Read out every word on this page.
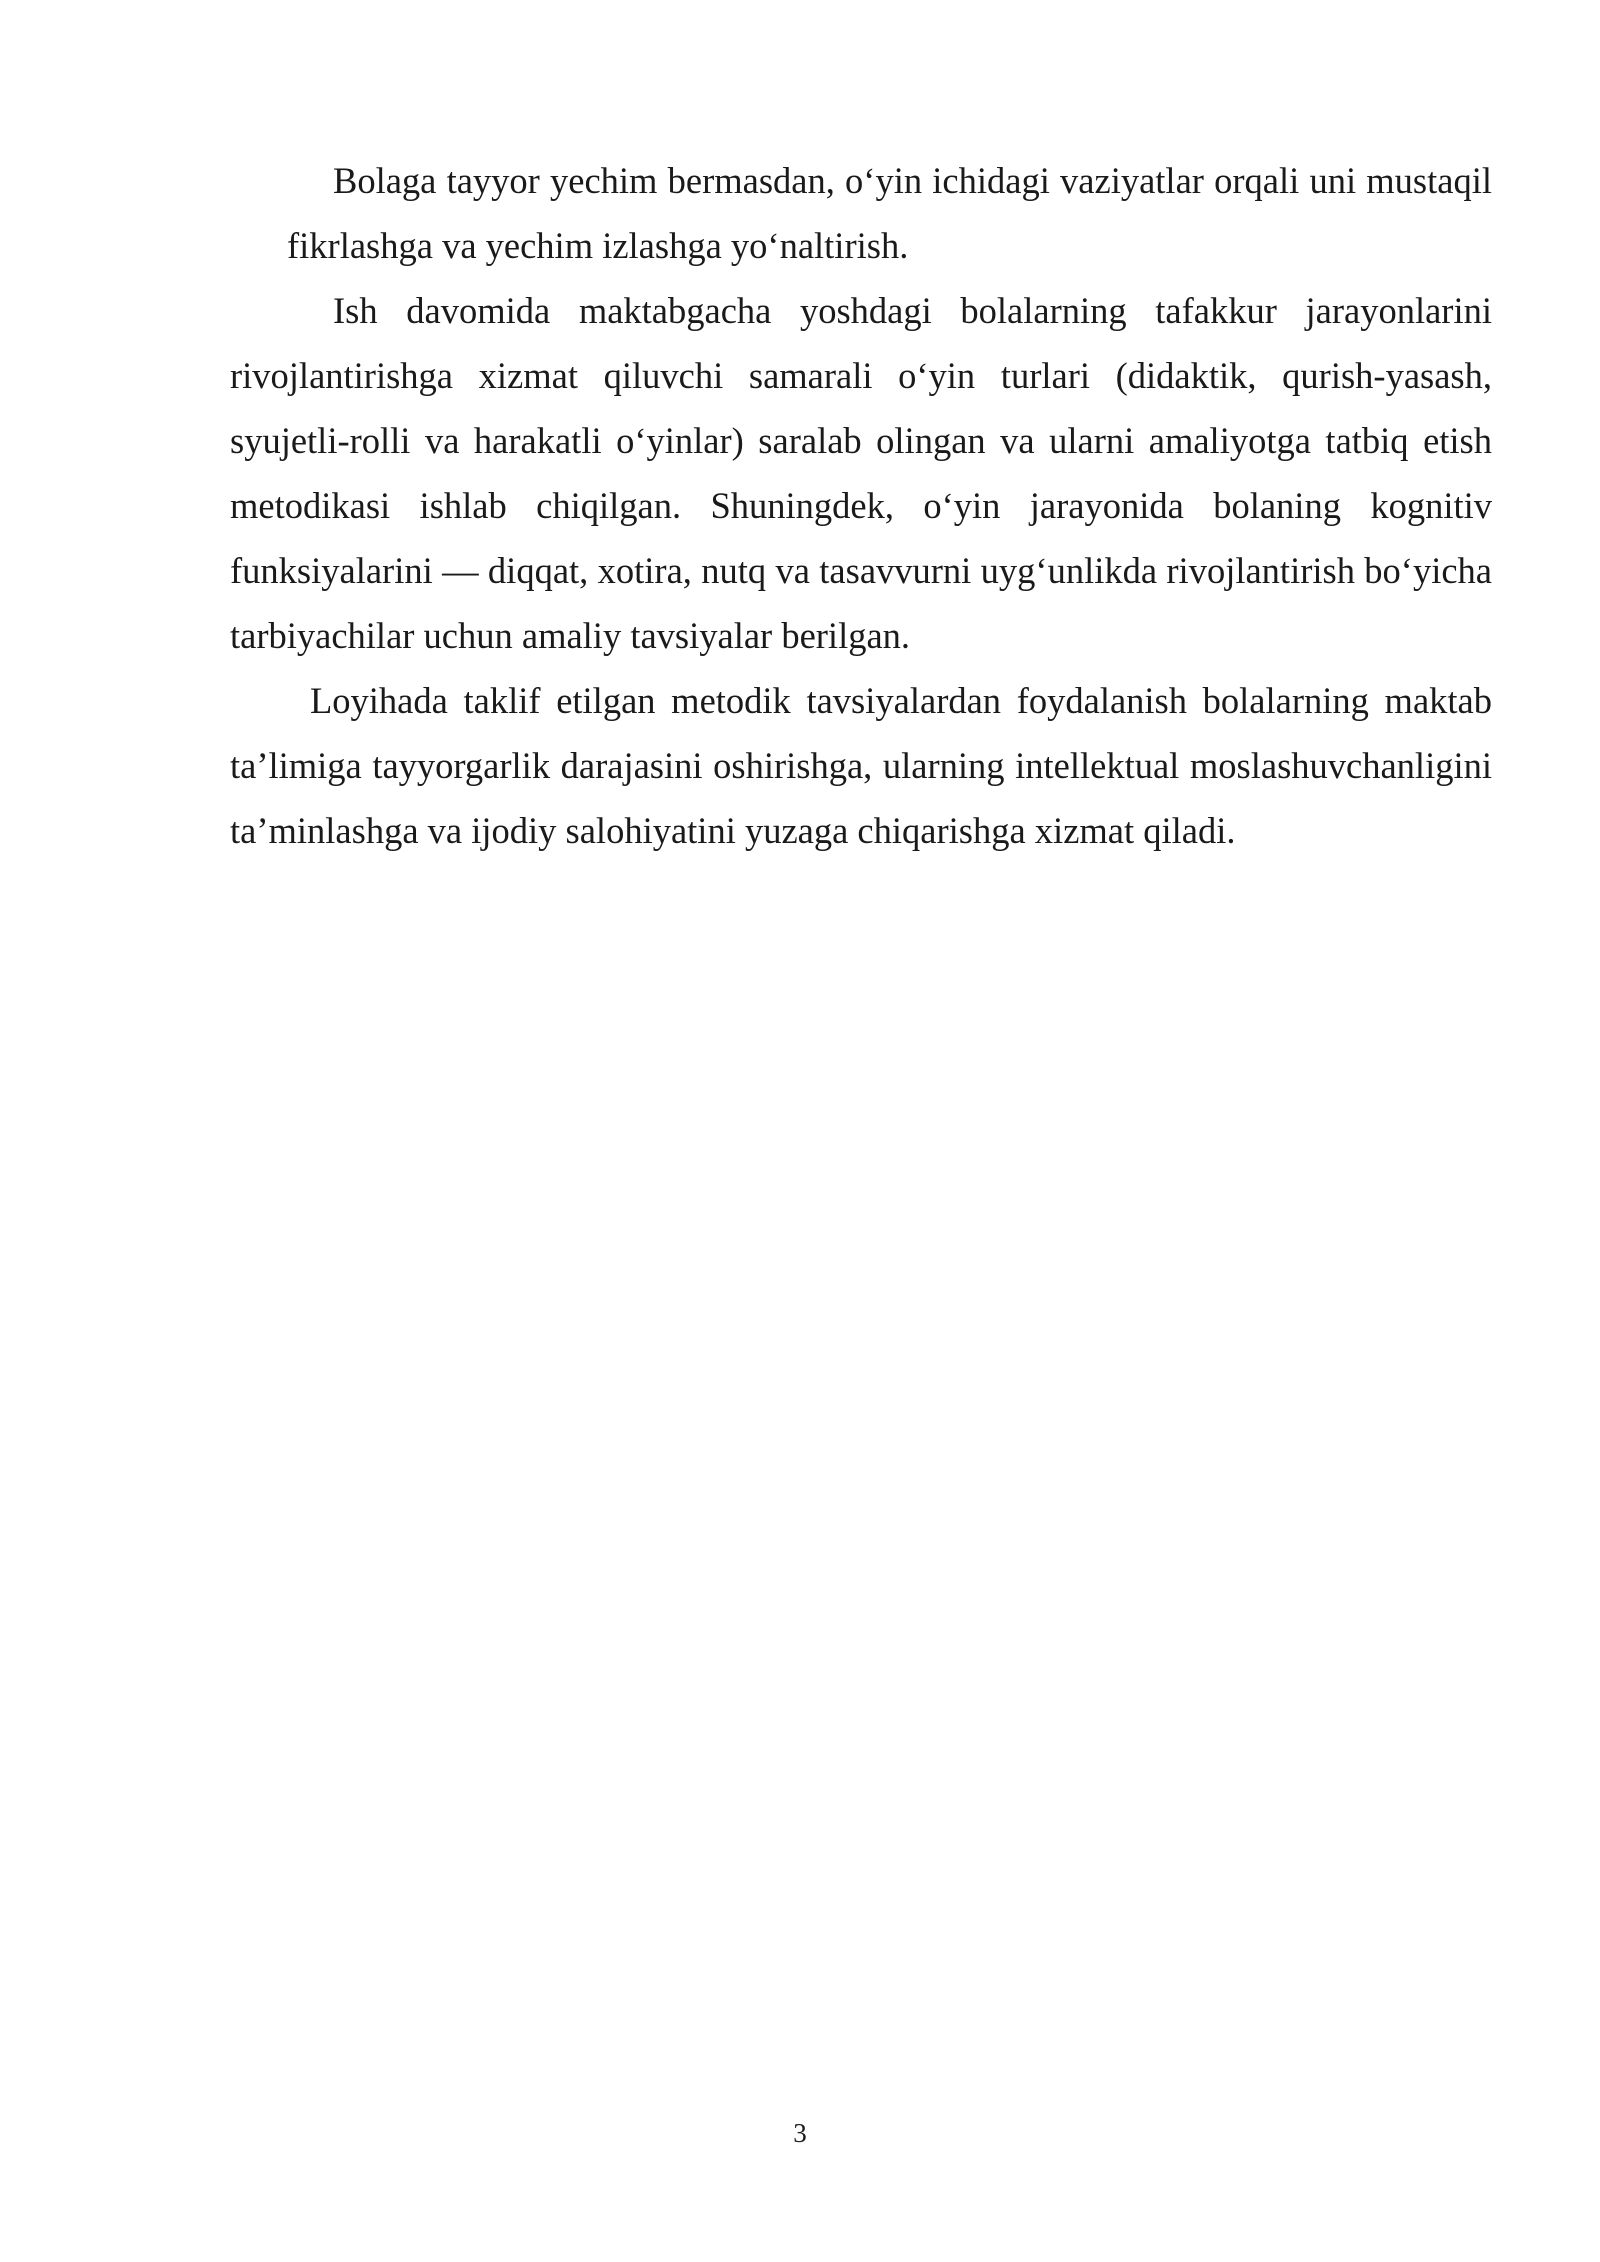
Bolaga tayyor yechim bermasdan, o‘yin ichidagi vaziyatlar orqali uni mustaqil fikrlashga va yechim izlashga yo‘naltirish.

Ish davomida maktabgacha yoshdagi bolalarning tafakkur jarayonlarini rivojlantirishga xizmat qiluvchi samarali o‘yin turlari (didaktik, qurish-yasash, syujetli-rolli va harakatli o‘yinlar) saralab olingan va ularni amaliyotga tatbiq etish metodikasi ishlab chiqilgan. Shuningdek, o‘yin jarayonida bolaning kognitiv funksiyalarini — diqqat, xotira, nutq va tasavvurni uyg‘unlikda rivojlantirish bo‘yicha tarbiyachilar uchun amaliy tavsiyalar berilgan.

Loyihada taklif etilgan metodik tavsiyalardan foydalanish bolalarning maktab ta’limiga tayyorgarlik darajasini oshirishga, ularning intellektual moslashuvchanligini ta’minlashga va ijodiy salohiyatini yuzaga chiqarishga xizmat qiladi.

3
